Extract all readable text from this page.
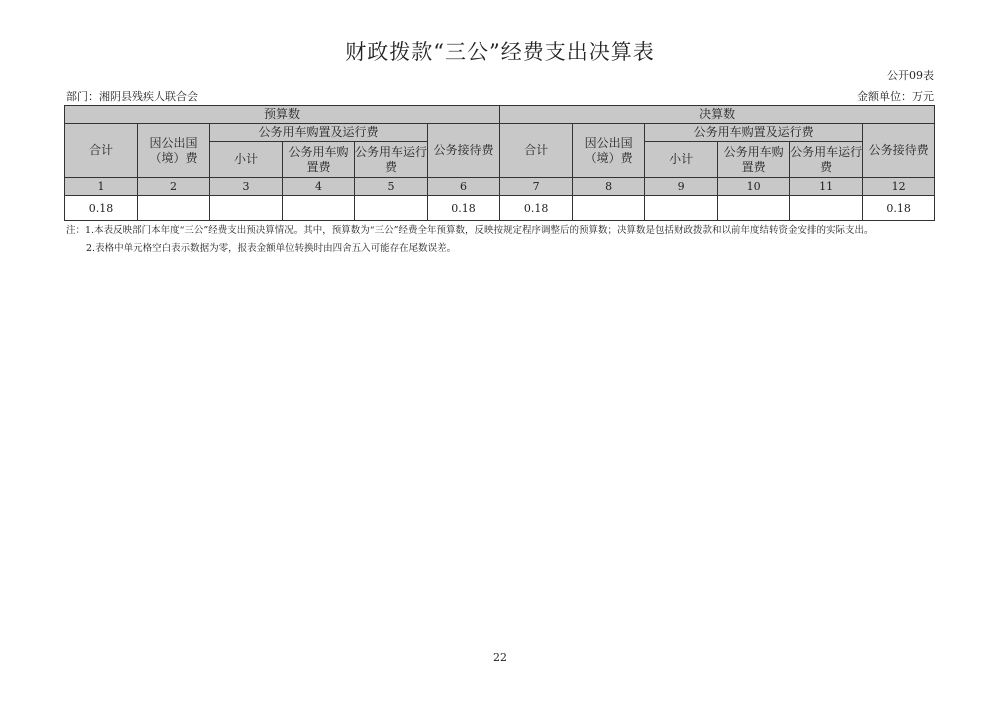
财政拨款“三公”经费支出决算表
公开09表
部门：湘阴县残疾人联合会	金额单位：万元
预算数						决算数					
合计	因公出国（境）费	公务用车购置及运行费			公务接待费	合计	因公出国（境）费	公务用车购置及运行费			公务接待费
		小计	公务用车购置费	公务用车运行费				小计	公务用车购置费	公务用车运行费	
1	2	3	4	5	6	7	8	9	10	11	12
0.18					0.18	0.18					0.18

注：1.本表反映部门本年度“三公”经费支出预决算情况。其中，预算数为“三公”经费全年预算数，反映按规定程序调整后的预算数；决算数是包括财政拨款和以前年度结转资金安排的实际支出。

2.表格中单元格空白表示数据为零，报表金额单位转换时由四舍五入可能存在尾数误差。

22
